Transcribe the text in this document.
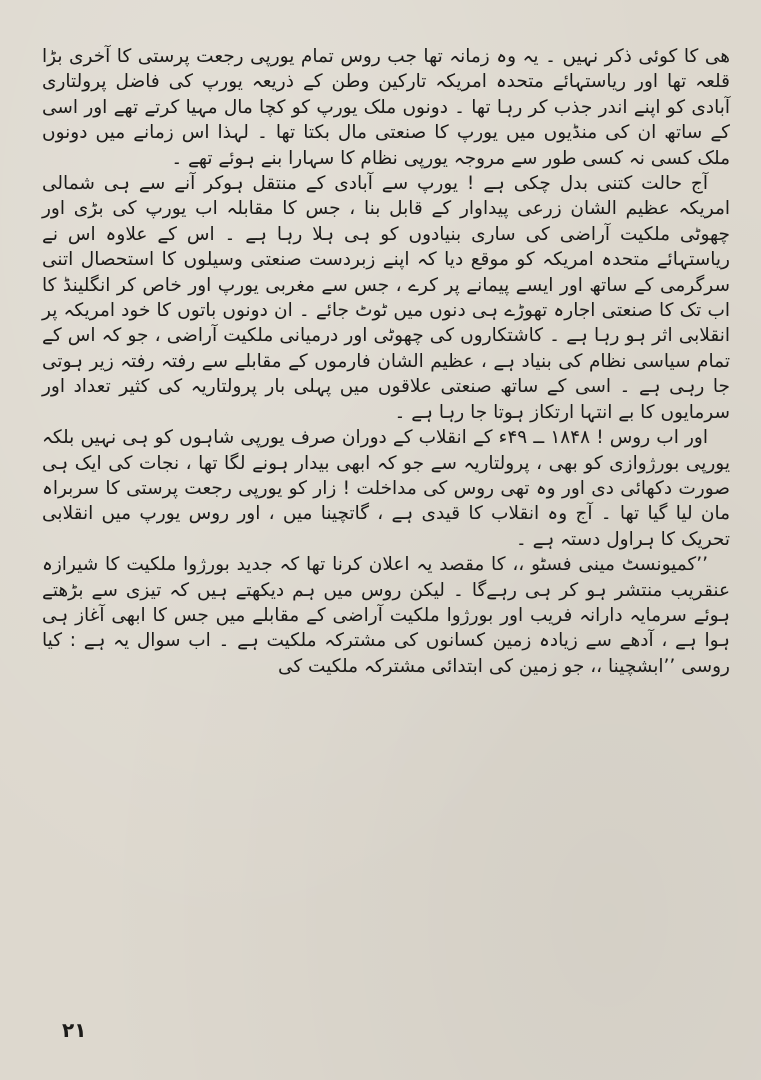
هی کا کوئی ذکر نہیں ۔ یہ وہ زمانہ تھا جب روس تمام یورپی رجعت پرستی کا آخری بڑا قلعہ تھا اور ریاستہائے متحدہ امریکہ تارکین وطن کے ذریعہ یورپ کی فاضل پرولتاری آبادی کو اپنے اندر جذب کر رہا تھا ۔ دونوں ملک یورپ کو کچا مال مہیا کرتے تھے اور اسی کے ساتھ ان کی منڈیوں میں یورپ کا صنعتی مال بکتا تھا ۔ لہذا اس زمانے میں دونوں ملک کسی نہ کسی طور سے مروجہ یورپی نظام کا سہارا بنے ہوئے تھے ۔

آج حالت کتنی بدل چکی ہے ! یورپ سے آبادی کے منتقل ہوکر آنے سے ہی شمالی امریکہ عظیم الشان زرعی پیداوار کے قابل بنا ، جس کا مقابلہ اب یورپ کی بڑی اور چھوٹی ملکیت آراضی کی ساری بنیادوں کو ہی ہلا رہا ہے ۔ اس کے علاوہ اس نے ریاستہائے متحدہ امریکہ کو موقع دیا کہ اپنے زبردست صنعتی وسیلوں کا استحصال اتنی سرگرمی کے ساتھ اور ایسے پیمانے پر کرے ، جس سے مغربی یورپ اور خاص کر انگلینڈ کا اب تک کا صنعتی اجارہ تھوڑے ہی دنوں میں ٹوٹ جائے ۔ ان دونوں باتوں کا خود امریکہ پر انقلابی اثر ہو رہا ہے ۔ کاشتکاروں کی چھوٹی اور درمیانی ملکیت آراضی ، جو کہ اس کے تمام سیاسی نظام کی بنیاد ہے ، عظیم الشان فارموں کے مقابلے سے رفتہ رفتہ زیر ہوتی جا رہی ہے ۔ اسی کے ساتھ صنعتی علاقوں میں پہلی بار پرولتاریہ کی کثیر تعداد اور سرمایوں کا بے انتہا ارتکاز ہوتا جا رہا ہے ۔

اور اب روس ! ۱۸۴۸ ــ ۴۹ء کے انقلاب کے دوران صرف یورپی شاہوں کو ہی نہیں بلکہ یورپی بورژوازی کو بھی ، پرولتاریہ سے جو کہ ابھی بیدار ہونے لگا تھا ، نجات کی ایک ہی صورت دکھائی دی اور وہ تھی روس کی مداخلت ! زار کو یورپی رجعت پرستی کا سربراہ مان لیا گیا تھا ۔ آج وہ انقلاب کا قیدی ہے ، گاتچینا میں ، اور روس یورپ میں انقلابی تحریک کا ہراول دستہ ہے ۔

’’کمیونسٹ مینی فسٹو ،، کا مقصد یہ اعلان کرنا تھا کہ جدید بورژوا ملکیت کا شیرازہ عنقریب منتشر ہو کر ہی رہےگا ۔ لیکن روس میں ہم دیکھتے ہیں کہ تیزی سے بڑھتے ہوئے سرمایہ دارانہ فریب اور بورژوا ملکیت آراضی کے مقابلے میں جس کا ابھی آغاز ہی ہوا ہے ، آدھے سے زیادہ زمین کسانوں کی مشترکہ ملکیت ہے ۔ اب سوال یہ ہے : کیا روسی ’’ابشچینا ،، جو زمین کی ابتدائی مشترکہ ملکیت کی

۲۱
